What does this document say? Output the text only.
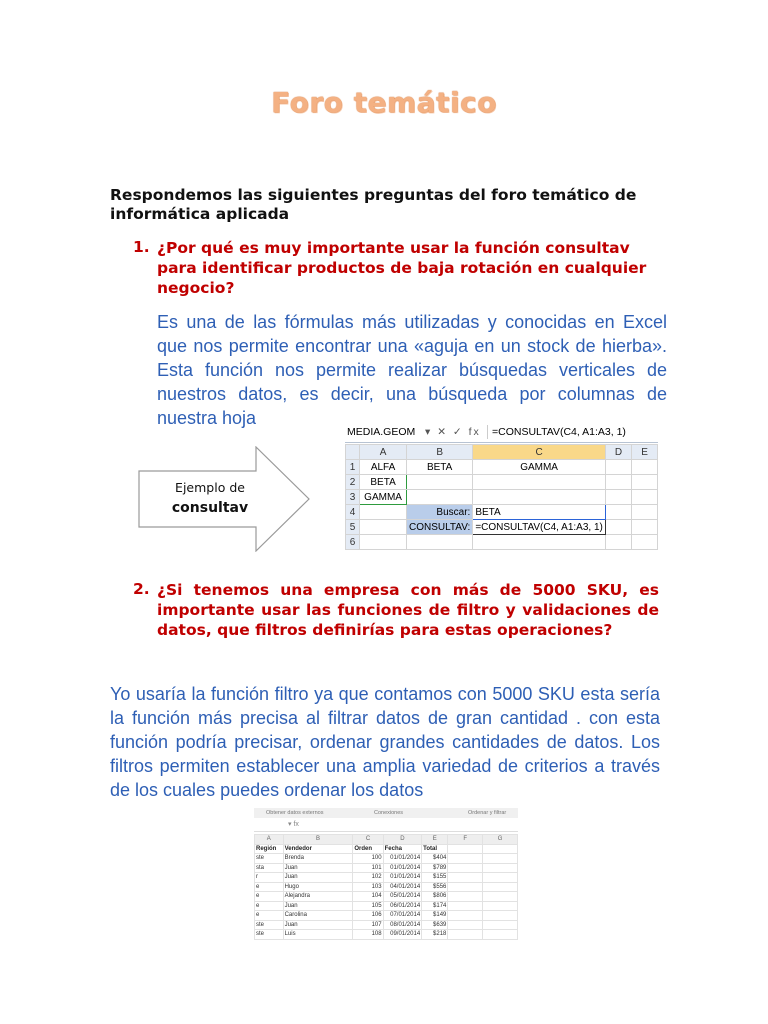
Foro temático
Respondemos las siguientes preguntas del foro temático de informática aplicada
1. ¿Por qué es muy importante usar la función consultav para identificar productos de baja rotación en cualquier negocio?
Es una de las fórmulas más utilizadas y conocidas en Excel que nos permite encontrar una «aguja en un stock de hierba». Esta función nos permite realizar búsquedas verticales de nuestros datos, es decir, una búsqueda por columnas de nuestra hoja
Ejemplo de
consultav
MEDIA.GEOM ▾ ✕ ✓ fx	=CONSULTAV(C4, A1:A3, 1)
	A	B	C	D	E
1	ALFA	BETA	GAMMA		
2	BETA				
3	GAMMA				
4		Buscar:	BETA		
5		CONSULTAV:	=CONSULTAV(C4, A1:A3, 1)		
6					
2. ¿Si tenemos una empresa con más de 5000 SKU, es importante usar las funciones de filtro y validaciones de datos, que filtros definirías para estas operaciones?
Yo usaría la función filtro ya que contamos con 5000 SKU esta sería la función más precisa al filtrar datos de gran cantidad . con esta función podría precisar, ordenar grandes cantidades de datos. Los filtros permiten establecer una amplia variedad de criterios a través de los cuales puedes ordenar los datos
Obtener datos externos	Conexiones	Ordenar y filtrar
▾ fx
A	B	C	D	E	F	G
Región	Vendedor	Orden	Fecha	Total		
ste	Brenda	100	01/01/2014	$404		
sta	Juan	101	01/01/2014	$789		
r	Juan	102	01/01/2014	$155		
e	Hugo	103	04/01/2014	$556		
e	Alejandra	104	05/01/2014	$806		
e	Juan	105	06/01/2014	$174		
e	Carolina	106	07/01/2014	$149		
ste	Juan	107	08/01/2014	$639		
ste	Luis	108	09/01/2014	$218		
